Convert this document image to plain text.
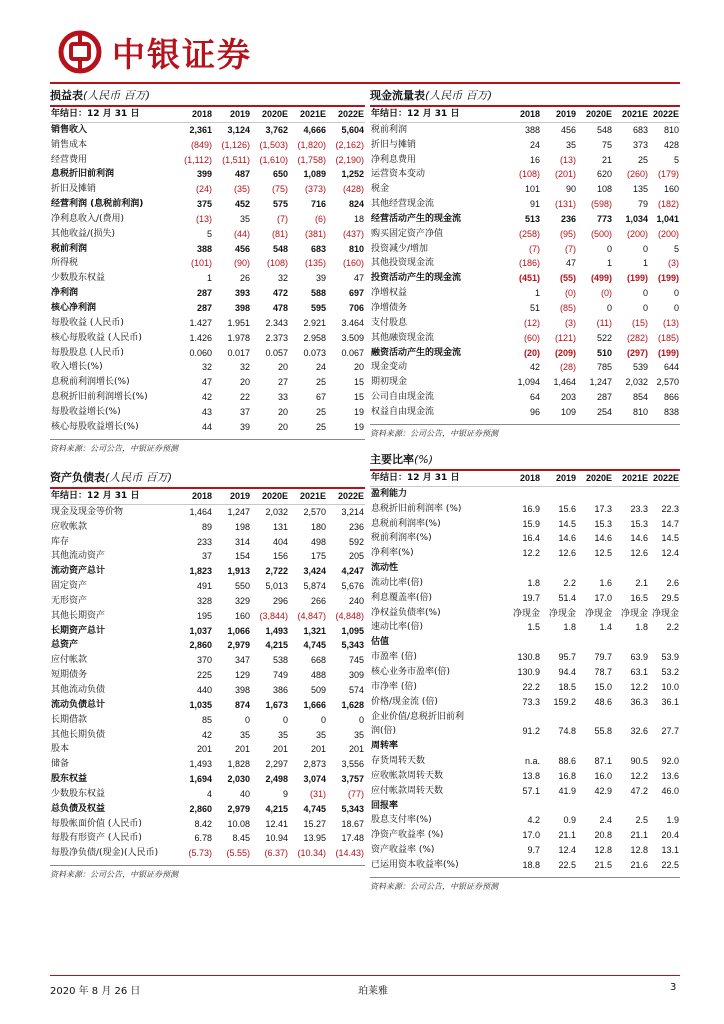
中银证券
损益表(人民币 百万)
年结日：12 月 31 日	2018	2019	2020E	2021E	2022E
销售收入	2,361	3,124	3,762	4,666	5,604
销售成本	(849)	(1,126)	(1,503)	(1,820)	(2,162)
经营费用	(1,112)	(1,511)	(1,610)	(1,758)	(2,190)
息税折旧前利润	399	487	650	1,089	1,252
折旧及摊销	(24)	(35)	(75)	(373)	(428)
经营利润 (息税前利润)	375	452	575	716	824
净利息收入/(费用)	(13)	35	(7)	(6)	18
其他收益/(损失)	5	(44)	(81)	(381)	(437)
税前利润	388	456	548	683	810
所得税	(101)	(90)	(108)	(135)	(160)
少数股东权益	1	26	32	39	47
净利润	287	393	472	588	697
核心净利润	287	398	478	595	706
每股收益 (人民币)	1.427	1.951	2.343	2.921	3.464
核心每股收益 (人民币)	1.426	1.978	2.373	2.958	3.509
每股股息 (人民币)	0.060	0.017	0.057	0.073	0.067
收入增长(%)	32	32	20	24	20
息税前利润增长(%)	47	20	27	25	15
息税折旧前利润增长(%)	42	22	33	67	15
每股收益增长(%)	43	37	20	25	19
核心每股收益增长(%)	44	39	20	25	19
资料来源：公司公告，中银证券预测
资产负债表(人民币 百万)
年结日：12 月 31 日	2018	2019	2020E	2021E	2022E
现金及现金等价物	1,464	1,247	2,032	2,570	3,214
应收帐款	89	198	131	180	236
库存	233	314	404	498	592
其他流动资产	37	154	156	175	205
流动资产总计	1,823	1,913	2,722	3,424	4,247
固定资产	491	550	5,013	5,874	5,676
无形资产	328	329	296	266	240
其他长期资产	195	160	(3,844)	(4,847)	(4,848)
长期资产总计	1,037	1,066	1,493	1,321	1,095
总资产	2,860	2,979	4,215	4,745	5,343
应付帐款	370	347	538	668	745
短期债务	225	129	749	488	309
其他流动负债	440	398	386	509	574
流动负债总计	1,035	874	1,673	1,666	1,628
长期借款	85	0	0	0	0
其他长期负债	42	35	35	35	35
股本	201	201	201	201	201
储备	1,493	1,828	2,297	2,873	3,556
股东权益	1,694	2,030	2,498	3,074	3,757
少数股东权益	4	40	9	(31)	(77)
总负债及权益	2,860	2,979	4,215	4,745	5,343
每股帐面价值 (人民币)	8.42	10.08	12.41	15.27	18.67
每股有形资产 (人民币)	6.78	8.45	10.94	13.95	17.48
每股净负债/(现金)(人民币)	(5.73)	(5.55)	(6.37)	(10.34)	(14.43)
资料来源：公司公告，中银证券预测
现金流量表(人民币 百万)
年结日：12 月 31 日	2018	2019	2020E	2021E	2022E
税前利润	388	456	548	683	810
折旧与摊销	24	35	75	373	428
净利息费用	16	(13)	21	25	5
运营资本变动	(108)	(201)	620	(260)	(179)
税金	101	90	108	135	160
其他经营现金流	91	(131)	(598)	79	(182)
经营活动产生的现金流	513	236	773	1,034	1,041
购买固定资产净值	(258)	(95)	(500)	(200)	(200)
投资减少/增加	(7)	(7)	0	0	5
其他投资现金流	(186)	47	1	1	(3)
投资活动产生的现金流	(451)	(55)	(499)	(199)	(199)
净增权益	1	(0)	(0)	0	0
净增债务	51	(85)	0	0	0
支付股息	(12)	(3)	(11)	(15)	(13)
其他融资现金流	(60)	(121)	522	(282)	(185)
融资活动产生的现金流	(20)	(209)	510	(297)	(199)
现金变动	42	(28)	785	539	644
期初现金	1,094	1,464	1,247	2,032	2,570
公司自由现金流	64	203	287	854	866
权益自由现金流	96	109	254	810	838
资料来源：公司公告，中银证券预测
主要比率(%)
年结日：12 月 31 日	2018	2019	2020E	2021E	2022E
盈利能力					
息税折旧前利润率 (%)	16.9	15.6	17.3	23.3	22.3
息税前利润率(%)	15.9	14.5	15.3	15.3	14.7
税前利润率(%)	16.4	14.6	14.6	14.6	14.5
净利率(%)	12.2	12.6	12.5	12.6	12.4
流动性					
流动比率(倍)	1.8	2.2	1.6	2.1	2.6
利息覆盖率(倍)	19.7	51.4	17.0	16.5	29.5
净权益负债率(%)	净现金	净现金	净现金	净现金	净现金
速动比率(倍)	1.5	1.8	1.4	1.8	2.2
估值					
市盈率 (倍)	130.8	95.7	79.7	63.9	53.9
核心业务市盈率(倍)	130.9	94.4	78.7	63.1	53.2
市净率 (倍)	22.2	18.5	15.0	12.2	10.0
价格/现金流 (倍)	73.3	159.2	48.6	36.3	36.1
企业价值/息税折旧前利					
润(倍)	91.2	74.8	55.8	32.6	27.7
周转率					
存货周转天数	n.a.	88.6	87.1	90.5	92.0
应收帐款周转天数	13.8	16.8	16.0	12.2	13.6
应付帐款周转天数	57.1	41.9	42.9	47.2	46.0
回报率					
股息支付率(%)	4.2	0.9	2.4	2.5	1.9
净资产收益率 (%)	17.0	21.1	20.8	21.1	20.4
资产收益率 (%)	9.7	12.4	12.8	12.8	13.1
已运用资本收益率(%)	18.8	22.5	21.5	21.6	22.5
资料来源：公司公告，中银证券预测
2020 年 8 月 26 日	珀莱雅	3
